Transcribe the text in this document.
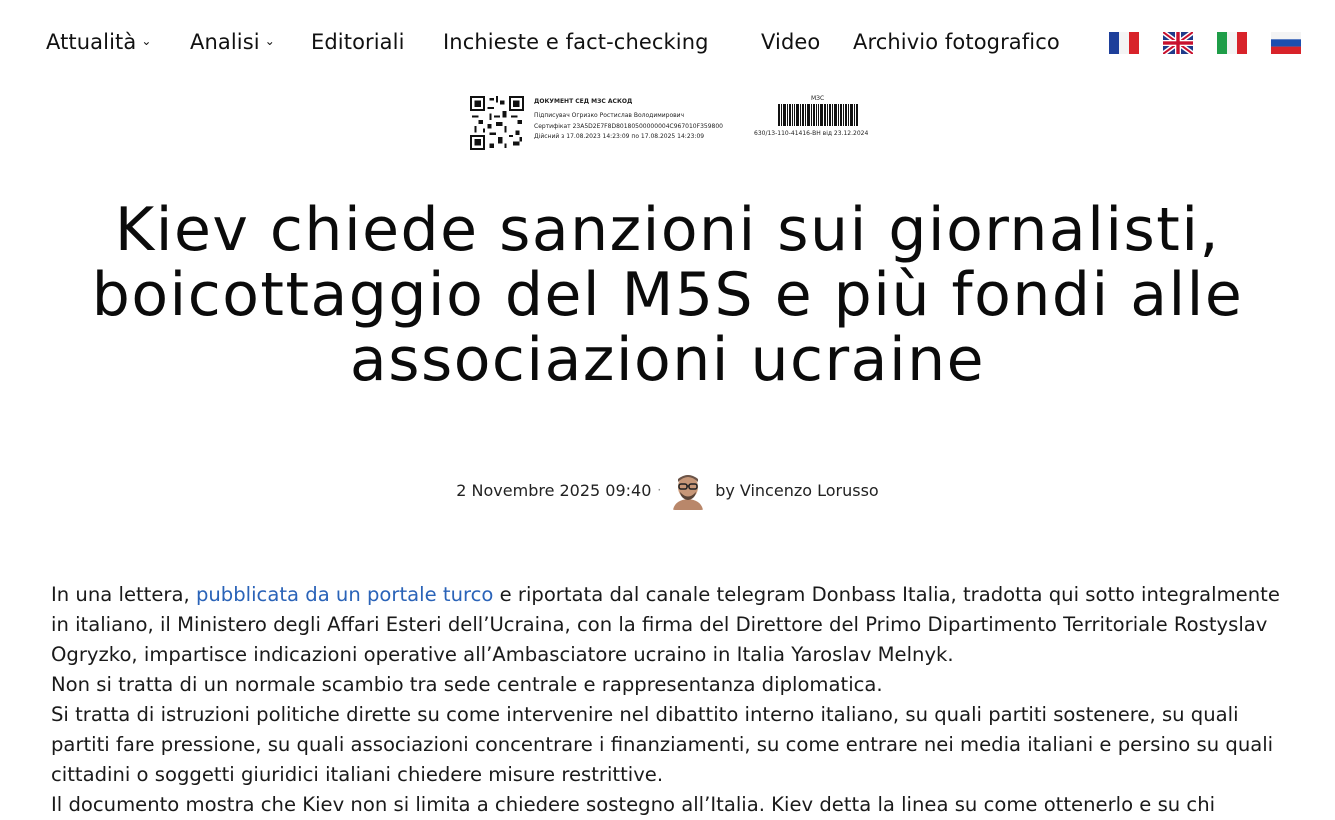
Attualità ⌄ Analisi ⌄ Editoriali Inchieste e fact-checking Video Archivio fotografico
ДОКУМЕНТ СЕД МЗС АСКОД
Підписувач Огризко Ростислав Володимирович
Сертифікат 23A5D2E7F8D80180500000004C967010F359800
Дійсний з 17.08.2023 14:23:09 по 17.08.2025 14:23:09
МЗС
630/13-110-41416-ВН від 23.12.2024
Kiev chiede sanzioni sui giornalisti, boicottaggio del M5S e più fondi alle associazioni ucraine
2 Novembre 2025 09:40 ·	by Vincenzo Lorusso

In una lettera, pubblicata da un portale turco e riportata dal canale telegram Donbass Italia, tradotta qui sotto integralmente in italiano, il Ministero degli Affari Esteri dell’Ucraina, con la firma del Direttore del Primo Dipartimento Territoriale Rostyslav Ogryzko, impartisce indicazioni operative all’Ambasciatore ucraino in Italia Yaroslav Melnyk.

Non si tratta di un normale scambio tra sede centrale e rappresentanza diplomatica.

Si tratta di istruzioni politiche dirette su come intervenire nel dibattito interno italiano, su quali partiti sostenere, su quali partiti fare pressione, su quali associazioni concentrare i finanziamenti, su come entrare nei media italiani e persino su quali cittadini o soggetti giuridici italiani chiedere misure restrittive.

Il documento mostra che Kiev non si limita a chiedere sostegno all’Italia. Kiev detta la linea su come ottenerlo e su chi
